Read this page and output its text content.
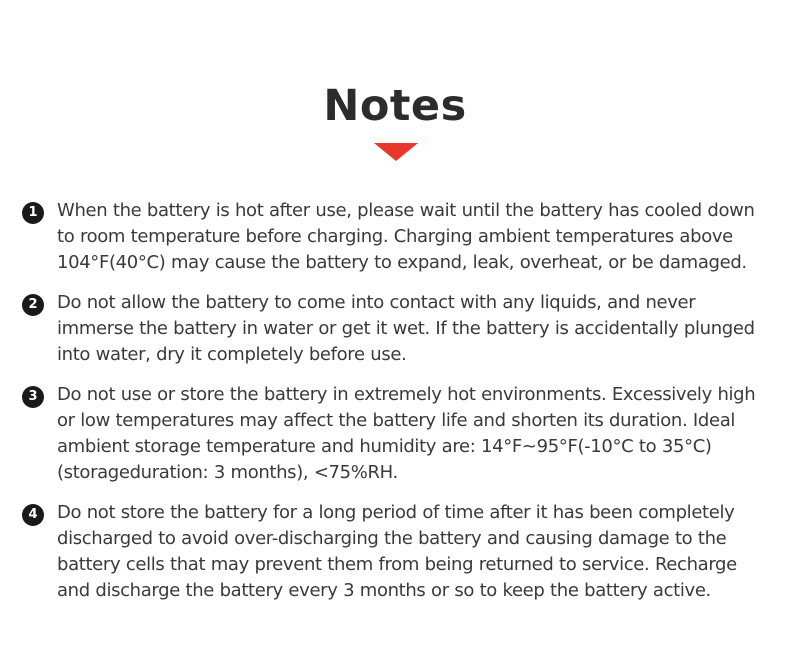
Notes
1	When the battery is hot after use, please wait until the battery has cooled down to room temperature before charging. Charging ambient temperatures above 104°F(40°C) may cause the battery to expand, leak, overheat, or be damaged.
2	Do not allow the battery to come into contact with any liquids, and never immerse the battery in water or get it wet. If the battery is accidentally plunged into water, dry it completely before use.
3	Do not use or store the battery in extremely hot environments. Excessively high or low temperatures may affect the battery life and shorten its duration. Ideal ambient storage temperature and humidity are: 14°F~95°F(-10°C to 35°C)(storageduration: 3 months), <75%RH.
4	Do not store the battery for a long period of time after it has been completely discharged to avoid over-discharging the battery and causing damage to the battery cells that may prevent them from being returned to service. Recharge and discharge the battery every 3 months or so to keep the battery active.
